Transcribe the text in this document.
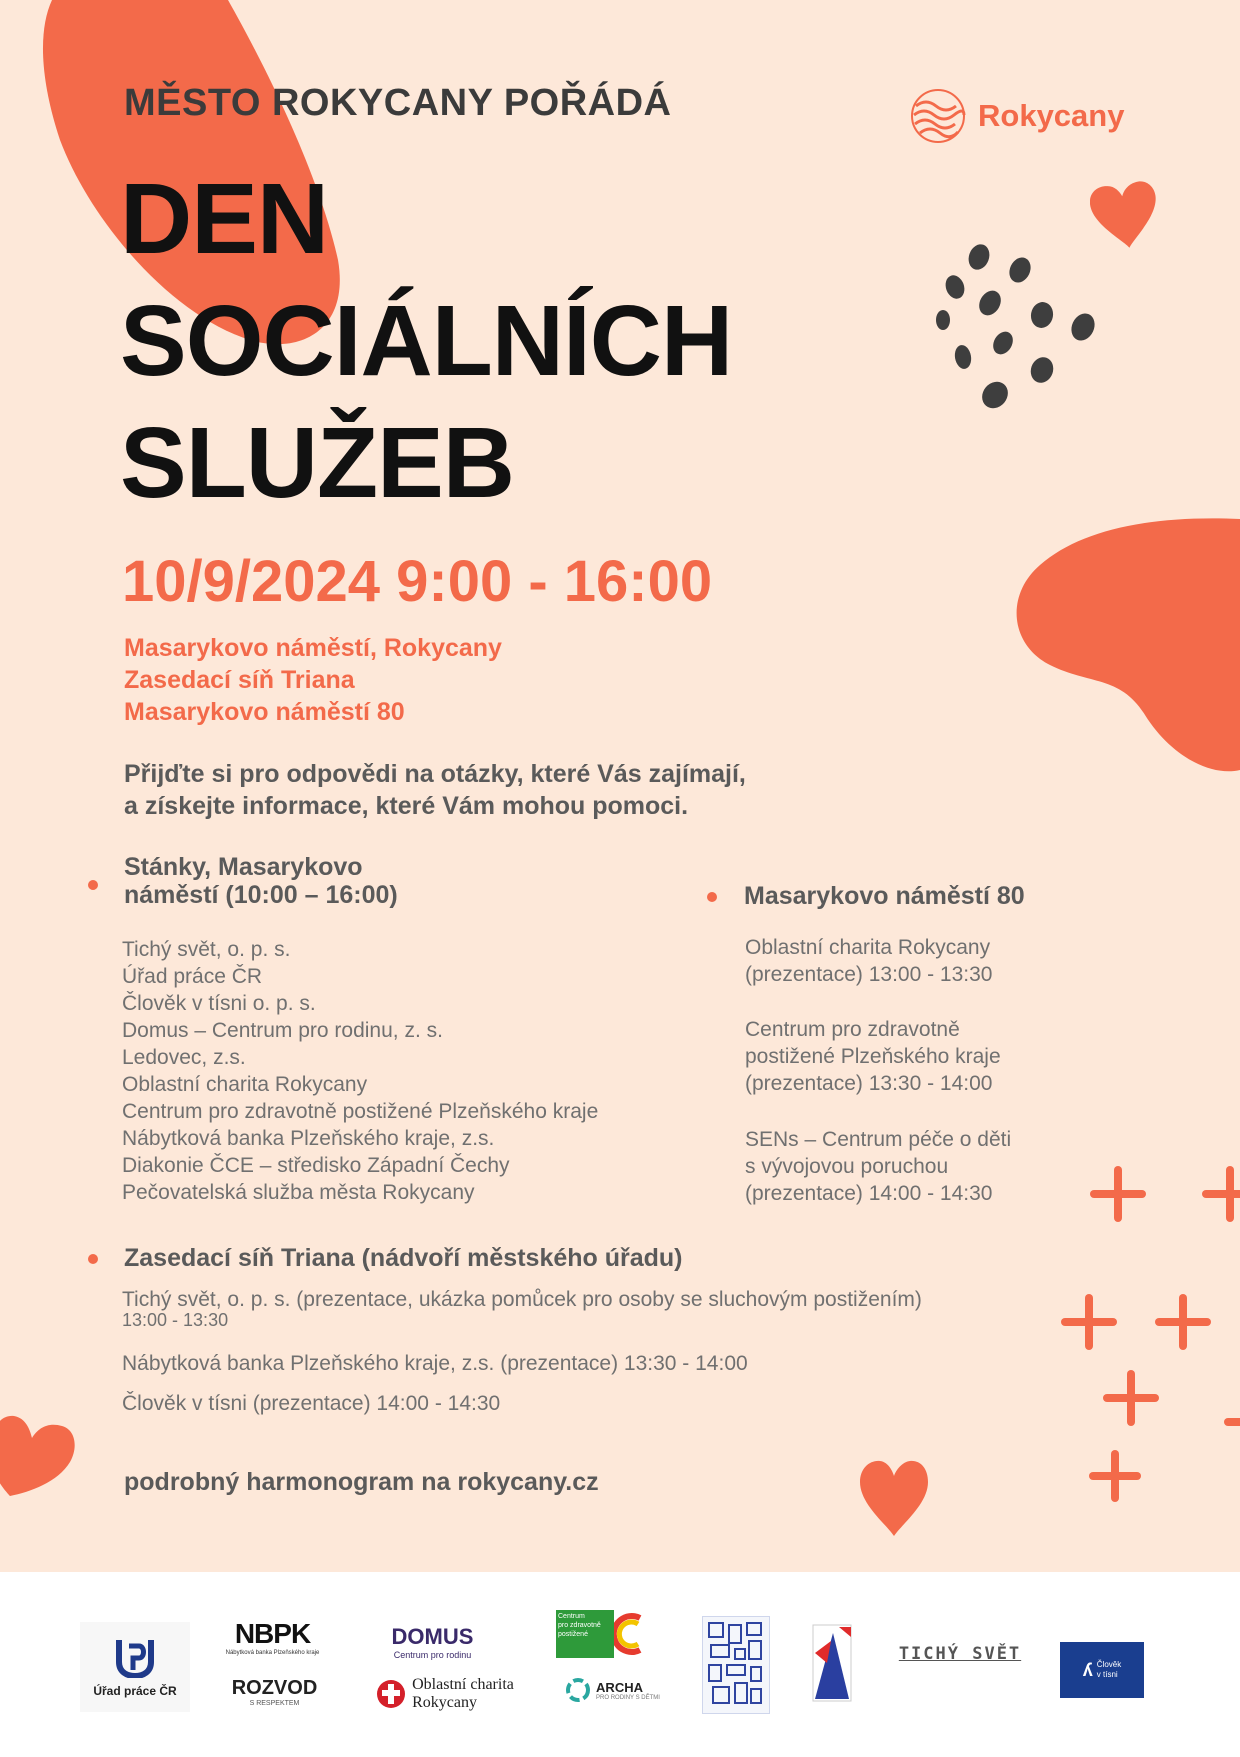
Rokycany
MĚSTO ROKYCANY POŘÁDÁ
DEN
SOCIÁLNÍCH
SLUŽEB
10/9/2024 9:00 - 16:00
Masarykovo náměstí, Rokycany
Zasedací síň Triana
Masarykovo náměstí 80
Přijďte si pro odpovědi na otázky, které Vás zajímají,
a získejte informace, které Vám mohou pomoci.
Stánky, Masarykovo
náměstí (10:00 – 16:00)
Tichý svět, o. p. s.
Úřad práce ČR
Člověk v tísni o. p. s.
Domus – Centrum pro rodinu, z. s.
Ledovec, z.s.
Oblastní charita Rokycany
Centrum pro zdravotně postižené Plzeňského kraje
Nábytková banka Plzeňského kraje, z.s.
Diakonie ČCE – středisko Západní Čechy
Pečovatelská služba města Rokycany
Masarykovo náměstí 80
Oblastní charita Rokycany
(prezentace) 13:00 - 13:30
Centrum pro zdravotně
postižené Plzeňského kraje
(prezentace) 13:30 - 14:00
SENs – Centrum péče o děti
s vývojovou poruchou
(prezentace) 14:00 - 14:30
Zasedací síň Triana (nádvoří městského úřadu)
Tichý svět, o. p. s. (prezentace, ukázka pomůcek pro osoby se sluchovým postižením)
13:00 - 13:30
Nábytková banka Plzeňského kraje, z.s. (prezentace) 13:30 - 14:00
Člověk v tísni (prezentace) 14:00 - 14:30
podrobný harmonogram na rokycany.cz
Úřad práce ČR
NBPK
Nábytková banka Plzeňského kraje
ROZVOD
S RESPEKTEM
DOMUS
Centrum pro rodinu
Oblastní charita
Rokycany
Centrum
pro zdravotně
postižené
ARCHA
PRO RODINY S DĚTMI
TICHÝ SVĚT
ʎ Člověk
v tísni
